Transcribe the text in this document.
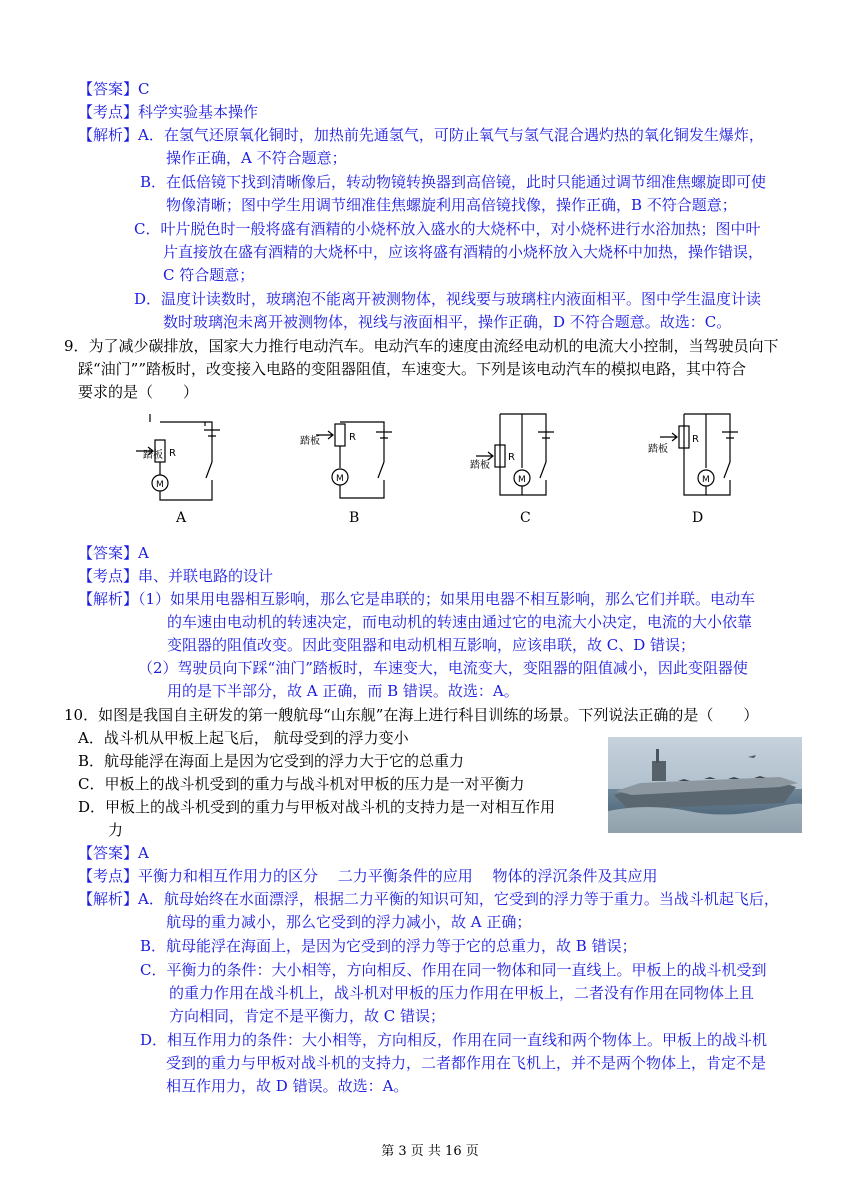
【答案】C
【考点】科学实验基本操作
【解析】A．在氢气还原氧化铜时，加热前先通氢气，可防止氧气与氢气混合遇灼热的氧化铜发生爆炸，
操作正确，A 不符合题意；
B．在低倍镜下找到清晰像后，转动物镜转换器到高倍镜，此时只能通过调节细准焦螺旋即可使
物像清晰；图中学生用调节细准佳焦螺旋利用高倍镜找像，操作正确，B 不符合题意；
C．叶片脱色时一般将盛有酒精的小烧杯放入盛水的大烧杯中，对小烧杯进行水浴加热；图中叶
片直接放在盛有酒精的大烧杯中，应该将盛有酒精的小烧杯放入大烧杯中加热，操作错误，
C 符合题意；
D．温度计读数时，玻璃泡不能离开被测物体，视线要与玻璃柱内液面相平。图中学生温度计读
数时玻璃泡未离开被测物体，视线与液面相平，操作正确，D 不符合题意。故选：C。
9．为了减少碳排放，国家大力推行电动汽车。电动汽车的速度由流经电动机的电流大小控制，当驾驶员向下
踩“油门””踏板时，改变接入电路的变阻器阻值，车速变大。下列是该电动汽车的模拟电路，其中符合
要求的是（　　）
踏板 R
M
踏板	R
M
踏板
R
M
踏板
R
M
A	B	C	D
【答案】A
【考点】串、并联电路的设计
【解析】（1）如果用电器相互影响，那么它是串联的；如果用电器不相互影响，那么它们并联。电动车
的车速由电动机的转速决定，而电动机的转速由通过它的电流大小决定，电流的大小依靠
变阻器的阻值改变。因此变阻器和电动机相互影响，应该串联，故 C、D 错误；
（2）驾驶员向下踩“油门”踏板时，车速变大，电流变大，变阻器的阻值减小，因此变阻器使
用的是下半部分，故 A 正确，而 B 错误。故选：A。
10．如图是我国自主研发的第一艘航母“山东舰”在海上进行科目训练的场景。下列说法正确的是（　　）
A．战斗机从甲板上起飞后， 航母受到的浮力变小
B．航母能浮在海面上是因为它受到的浮力大于它的总重力
C．甲板上的战斗机受到的重力与战斗机对甲板的压力是一对平衡力
D．甲板上的战斗机受到的重力与甲板对战斗机的支持力是一对相互作用
力
【答案】A
【考点】平衡力和相互作用力的区分　 二力平衡条件的应用　 物体的浮沉条件及其应用
【解析】A．航母始终在水面漂浮，根据二力平衡的知识可知，它受到的浮力等于重力。当战斗机起飞后，
航母的重力减小，那么它受到的浮力减小，故 A 正确；
B．航母能浮在海面上，是因为它受到的浮力等于它的总重力，故 B 错误；
C．平衡力的条件：大小相等，方向相反、作用在同一物体和同一直线上。甲板上的战斗机受到
的重力作用在战斗机上，战斗机对甲板的压力作用在甲板上，二者没有作用在同物体上且
方向相同，肯定不是平衡力，故 C 错误；
D．相互作用力的条件：大小相等，方向相反，作用在同一直线和两个物体上。甲板上的战斗机
受到的重力与甲板对战斗机的支持力，二者都作用在飞机上，并不是两个物体上，肯定不是
相互作用力，故 D 错误。故选：A。
第 3 页 共 16 页
